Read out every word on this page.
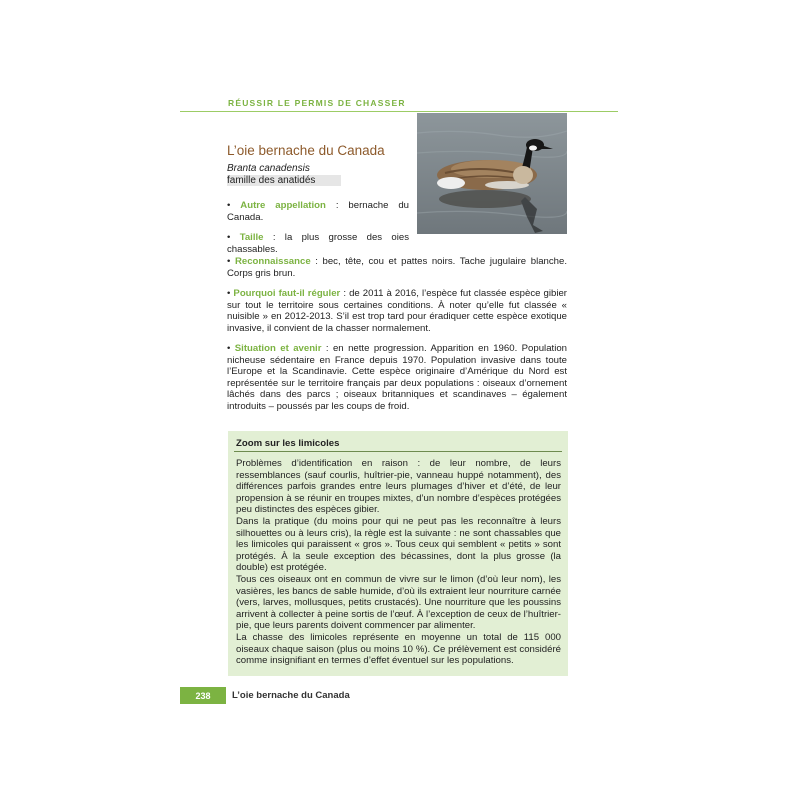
RÉUSSIR LE PERMIS DE CHASSER
L’oie bernache du Canada
Branta canadensis
famille des anatidés

• Autre appellation : bernache du Canada.

• Taille : la plus grosse des oies chassables.

• Reconnaissance : bec, tête, cou et pattes noirs. Tache jugulaire blanche. Corps gris brun.

• Pourquoi faut-il réguler : de 2011 à 2016, l’espèce fut classée espèce gibier sur tout le territoire sous certaines conditions. À noter qu’elle fut classée « nuisible » en 2012-2013. S’il est trop tard pour éradiquer cette espèce exotique invasive, il convient de la chasser normalement.

• Situation et avenir : en nette progression. Apparition en 1960. Population nicheuse sédentaire en France depuis 1970. Population invasive dans toute l’Europe et la Scandinavie. Cette espèce originaire d’Amérique du Nord est représentée sur le territoire français par deux populations : oiseaux d’ornement lâchés dans des parcs ; oiseaux britanniques et scandinaves – également introduits – poussés par les coups de froid.

Zoom sur les limicoles

Problèmes d’identification en raison : de leur nombre, de leurs ressemblances (sauf courlis, huîtrier-pie, vanneau huppé notamment), des différences parfois grandes entre leurs plumages d’hiver et d’été, de leur propension à se réunir en troupes mixtes, d’un nombre d’espèces protégées peu distinctes des espèces gibier.

Dans la pratique (du moins pour qui ne peut pas les reconnaître à leurs silhouettes ou à leurs cris), la règle est la suivante : ne sont chassables que les limicoles qui paraissent « gros ». Tous ceux qui semblent « petits » sont protégés. À la seule exception des bécassines, dont la plus grosse (la double) est protégée.

Tous ces oiseaux ont en commun de vivre sur le limon (d’où leur nom), les vasières, les bancs de sable humide, d’où ils extraient leur nourriture carnée (vers, larves, mollusques, petits crustacés). Une nourriture que les poussins arrivent à collecter à peine sortis de l’œuf. À l’exception de ceux de l’huîtrier-pie, que leurs parents doivent commencer par alimenter.

La chasse des limicoles représente en moyenne un total de 115 000 oiseaux chaque saison (plus ou moins 10 %). Ce prélèvement est considéré comme insignifiant en termes d’effet éventuel sur les populations.

238	L’oie bernache du Canada
